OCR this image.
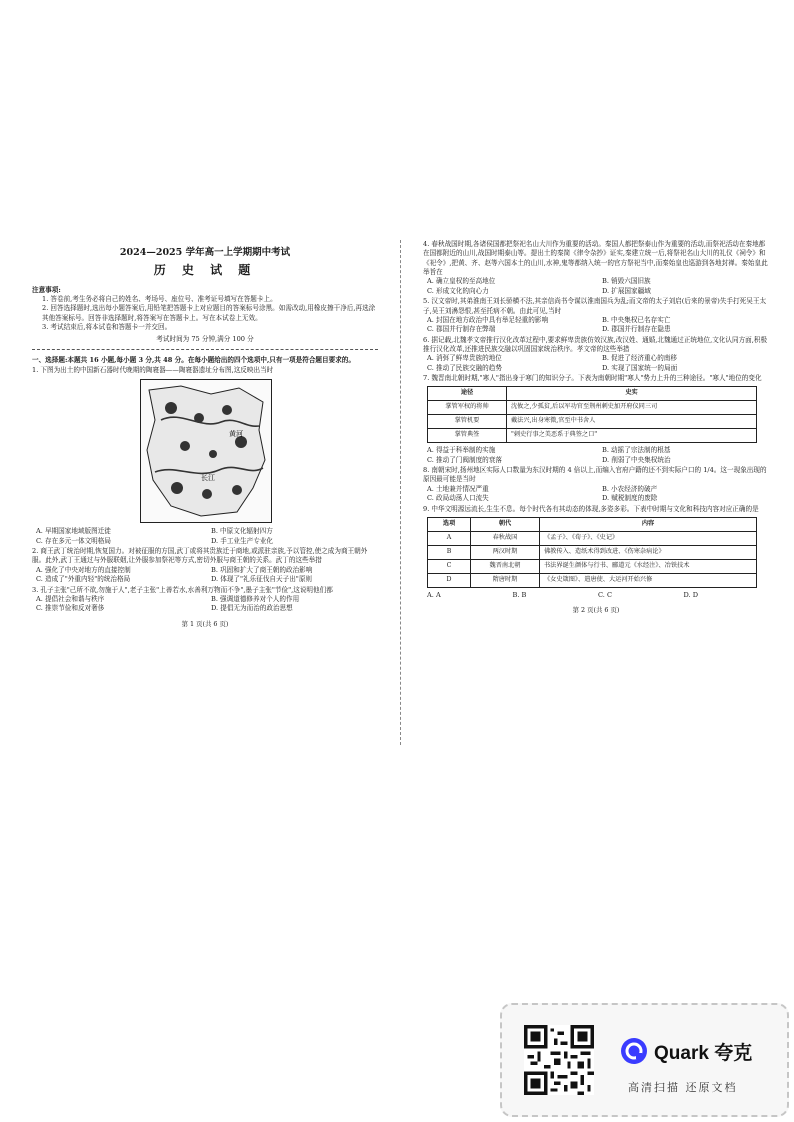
2024—2025 学年高一上学期期中考试
历 史 试 题

注意事项:

1. 答卷前,考生务必将自己的姓名、考场号、座位号、准考证号填写在答题卡上。

2. 回答选择题时,选出每小题答案后,用铅笔把答题卡上对应题目的答案标号涂黑。如需改动,用橡皮擦干净后,再选涂其他答案标号。回答非选择题时,将答案写在答题卡上。写在本试卷上无效。

3. 考试结束后,将本试卷和答题卡一并交回。

考试时间为 75 分钟,满分 100 分
一、选择题:本题共 16 小题,每小题 3 分,共 48 分。在每小题给出的四个选项中,只有一项是符合题目要求的。

1. 下图为出土的中国新石器时代晚期的陶寝器——陶寝器遗址分布图,这反映出当时

黄河
长江
A. 早期国家地域版图迁徙	B. 中原文化辐射四方
C. 存在多元一体文明格局	D. 手工业生产专业化

2. 商王武丁统治时期,恢复国力。对被征服的方国,武丁或将其贵族迁于商地,或派驻亲族,予以管控,使之成为商王朝外服。此外,武丁王通过与外服联姻,让外服参加祭祀等方式,密切外服与商王朝的关系。武丁的这些举措

A. 强化了中央对地方的直接控制	B. 巩固和扩大了商王朝的政治影响
C. 造成了"外重内轻"的统治格局	D. 体现了"礼乐征伐自天子出"原则

3. 孔子主张"己所不欲,勿施于人",老子主张"上善若水,水善利万物而不争",墨子主张"节俭",这说明他们都

A. 提倡社会和谐与秩序	B. 强调道德修养对个人的作用
C. 推崇节俭和反对奢侈	D. 提倡无为而治的政治思想
第 1 页(共 6 页)

4. 春秋战国时期,各诸侯国都把祭祀名山大川作为重要的活动。秦国人都把祭泰山作为重要的活动,而祭祀活动在秦地都在国都附近的山川,战国时期泰山等。提出土的秦简《律令杂抄》证实,秦建立统一后,将祭祀名山大川的礼仪《祠令》和《祀令》,把黄、齐、赵等六国本土的山川,水神,鬼等都纳入统一的官方祭祀当中,而秦始皇也巡游到各地封禅。秦始皇此举旨在

A. 确立皇权的至高地位	B. 销毁六国旧族
C. 形成文化的向心力	D. 扩展国家疆域

5. 汉文帝时,其弟淮南王刘长骄横不法,其亲信尚书令谋以淮南国兵为乱;而文帝的太子刘启(后来的景帝)失手打死吴王太子,吴王刘濞怨恨,甚至托病不朝。由此可见,当时

A. 封国在地方政治中具有举足轻重的影响	B. 中央集权已名存实亡
C. 郡国并行制存在弊端	D. 郡国并行制存在隐患

6. 据记载,北魏孝文帝推行汉化改革过程中,要求鲜卑贵族仿效汉族,改汉姓、通婚,北魏通过正统地位,文化认同方面,积极推行汉化改革,还推进民族交融以巩固国家统治秩序。孝文帝的这些举措

A. 消弭了鲜卑贵族的地位	B. 促进了经济重心的南移
C. 推动了民族交融的趋势	D. 实现了国家统一的局面

7. 魏晋南北朝时期,"寒人"指出身于寒门的知识分子。下表为南朝时期"寒人"势力上升的三种途径。"寒人"地位的变化

途径	史实
掌管军权的将帅	沈攸之,少孤贫,后以军功官至荆州刺史加开府仪同三司
掌管机要	戴法兴,出身寒微,官至中书舍人
掌管典签	"刺史行事之美恶系于典签之口"
A. 得益于科举制的实施	B. 动摇了宗法制的根基
C. 推动了门阀制度的衰落	D. 削弱了中央集权统治

8. 南朝宋时,扬州地区实际人口数量为东汉时期的 4 倍以上,而编入官府户籍的还不到实际户口的 1/4。这一现象出现的原因最可能是当时

A. 土地兼并情况严重	B. 小农经济的破产
C. 政局动荡人口流失	D. 赋税制度的废除

9. 中华文明源远流长,生生不息。每个时代各有其动态的体现,多姿多彩。下表中时期与文化和科技内容对应正确的是

选项	朝代	内容
A	春秋战国	《孟子》、《荀子》、《史记》
B	两汉时期	佛教传入、造纸术得到改进、《伤寒杂病论》
C	魏晋南北朝	书法界诞生颜体与行书、郦道元《水经注》、冶铁技术
D	隋唐时期	《女史箴图》、遣唐使、大运河开始兴修
A. A	B. B	C. C	D. D
第 2 页(共 6 页)
Quark 夸克
高清扫描 还原文档
